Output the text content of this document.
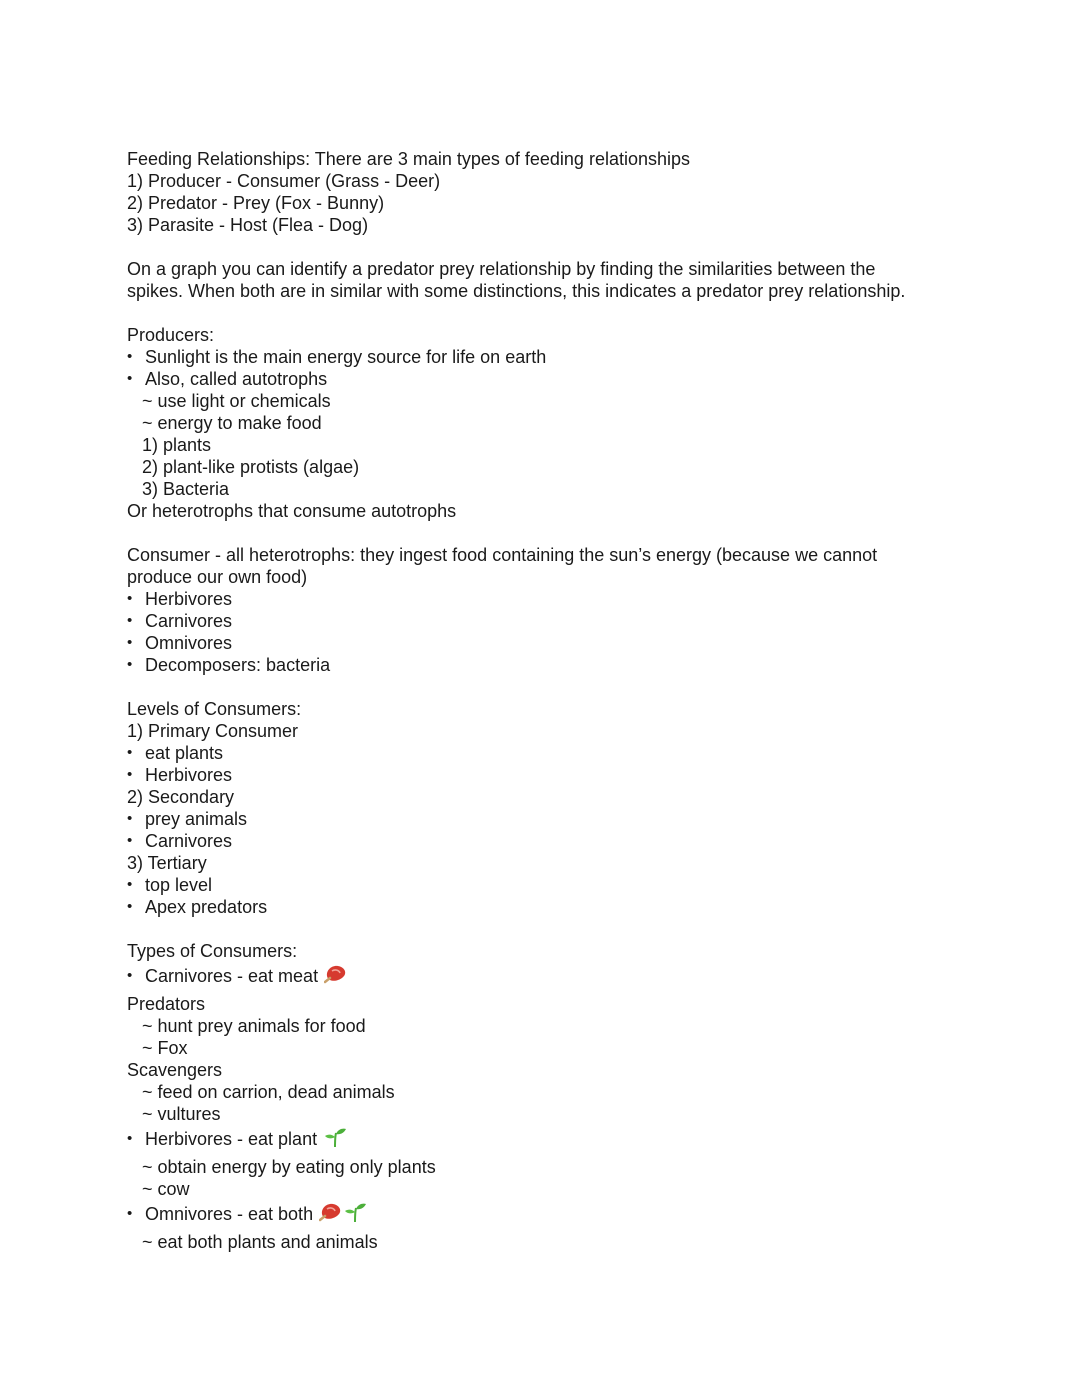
Feeding Relationships: There are 3 main types of feeding relationships
1) Producer - Consumer (Grass - Deer)
2) Predator - Prey (Fox - Bunny)
3) Parasite - Host (Flea - Dog)
On a graph you can identify a predator prey relationship by finding the similarities between the
spikes. When both are in similar with some distinctions, this indicates a predator prey relationship.
Producers:
• Sunlight is the main energy source for life on earth
• Also, called autotrophs
~ use light or chemicals
~ energy to make food
1) plants
2) plant-like protists (algae)
3) Bacteria
Or heterotrophs that consume autotrophs
Consumer - all heterotrophs: they ingest food containing the sun’s energy (because we cannot
produce our own food)
• Herbivores
• Carnivores
• Omnivores
• Decomposers: bacteria
Levels of Consumers:
1) Primary Consumer
• eat plants
• Herbivores
2) Secondary
• prey animals
• Carnivores
3) Tertiary
• top level
• Apex predators
Types of Consumers:
• Carnivores - eat meat
Predators
~ hunt prey animals for food
~ Fox
Scavengers
~ feed on carrion, dead animals
~ vultures
• Herbivores - eat plant
~ obtain energy by eating only plants
~ cow
• Omnivores - eat both
~ eat both plants and animals
